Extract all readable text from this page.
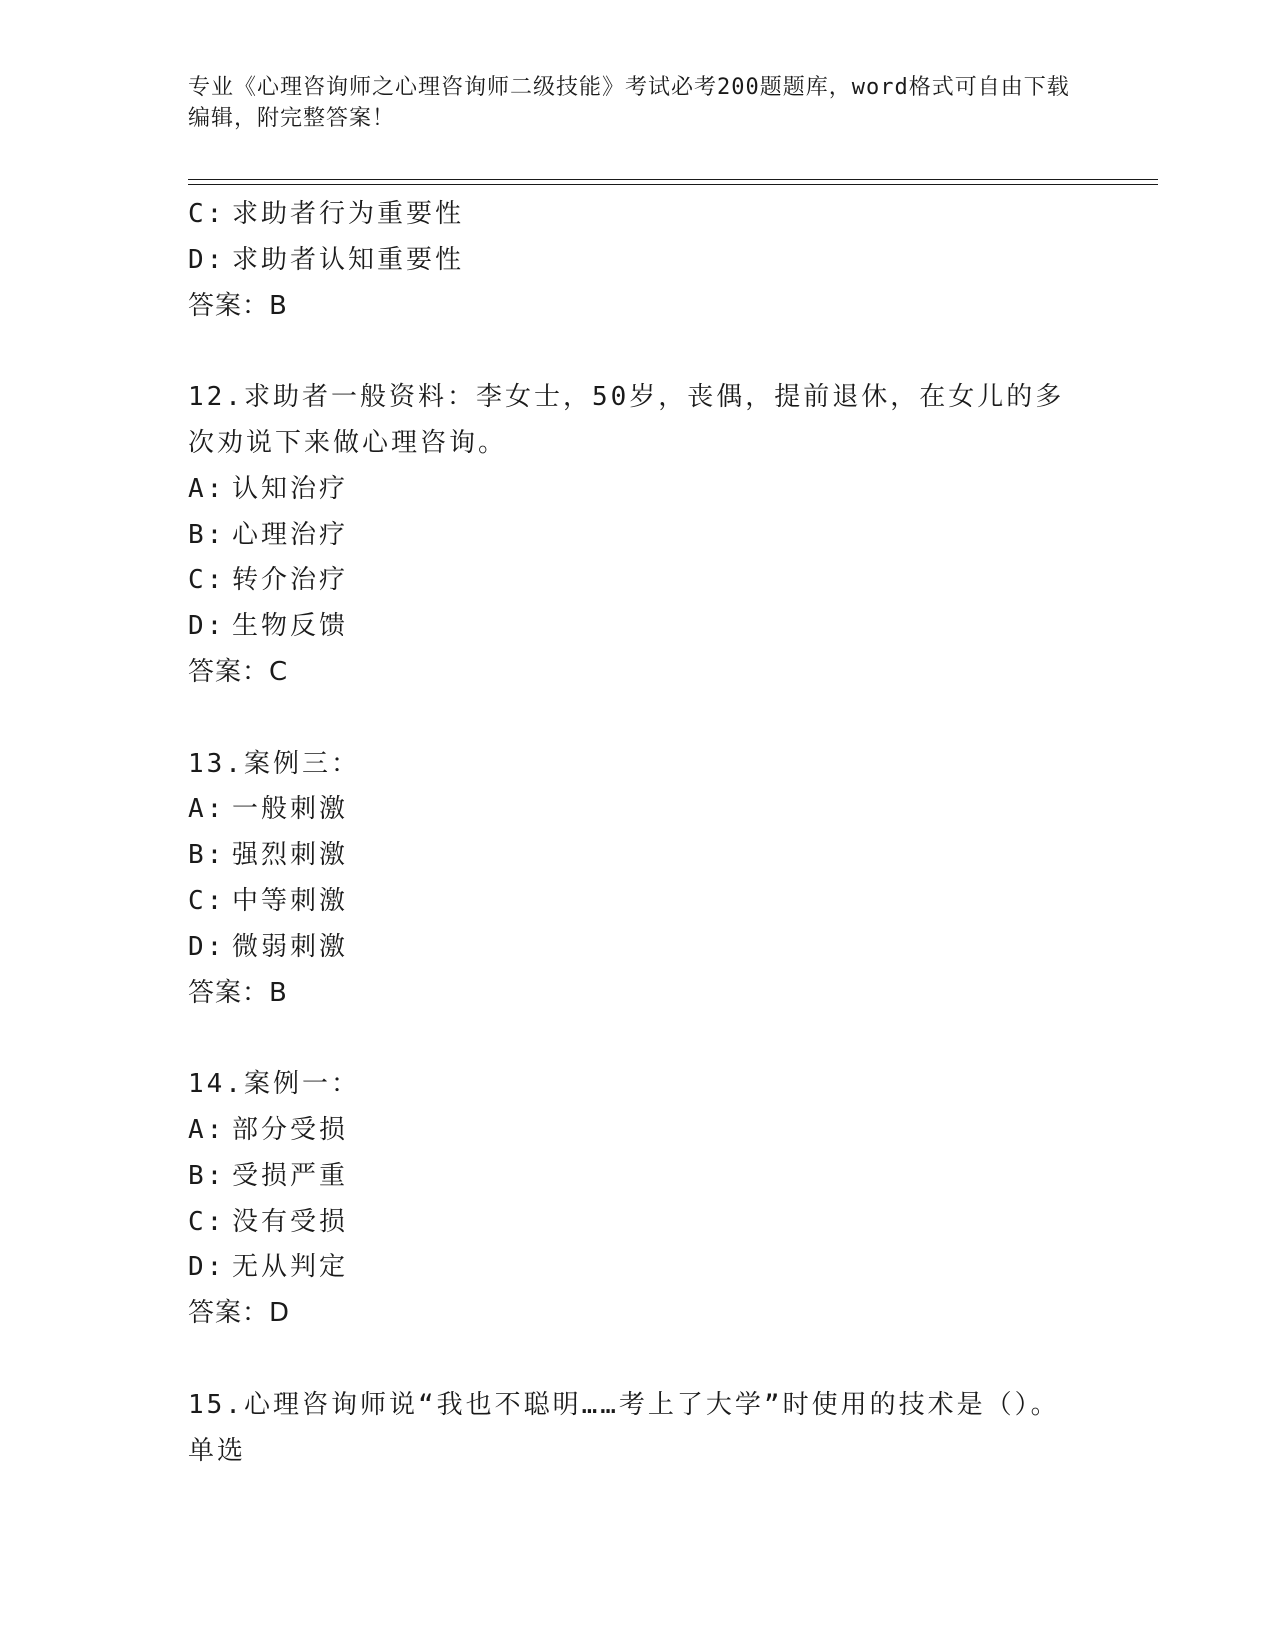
专业《心理咨询师之心理咨询师二级技能》考试必考200题题库，word格式可自由下载编辑，附完整答案！
C: 求助者行为重要性
D: 求助者认知重要性
答案：B
12.求助者一般资料：李女士，50岁，丧偶，提前退休，在女儿的多次劝说下来做心理咨询。
A: 认知治疗
B: 心理治疗
C: 转介治疗
D: 生物反馈
答案：C
13.案例三：
A: 一般刺激
B: 强烈刺激
C: 中等刺激
D: 微弱刺激
答案：B
14.案例一：
A: 部分受损
B: 受损严重
C: 没有受损
D: 无从判定
答案：D
15.心理咨询师说“我也不聪明……考上了大学”时使用的技术是（）。单选
